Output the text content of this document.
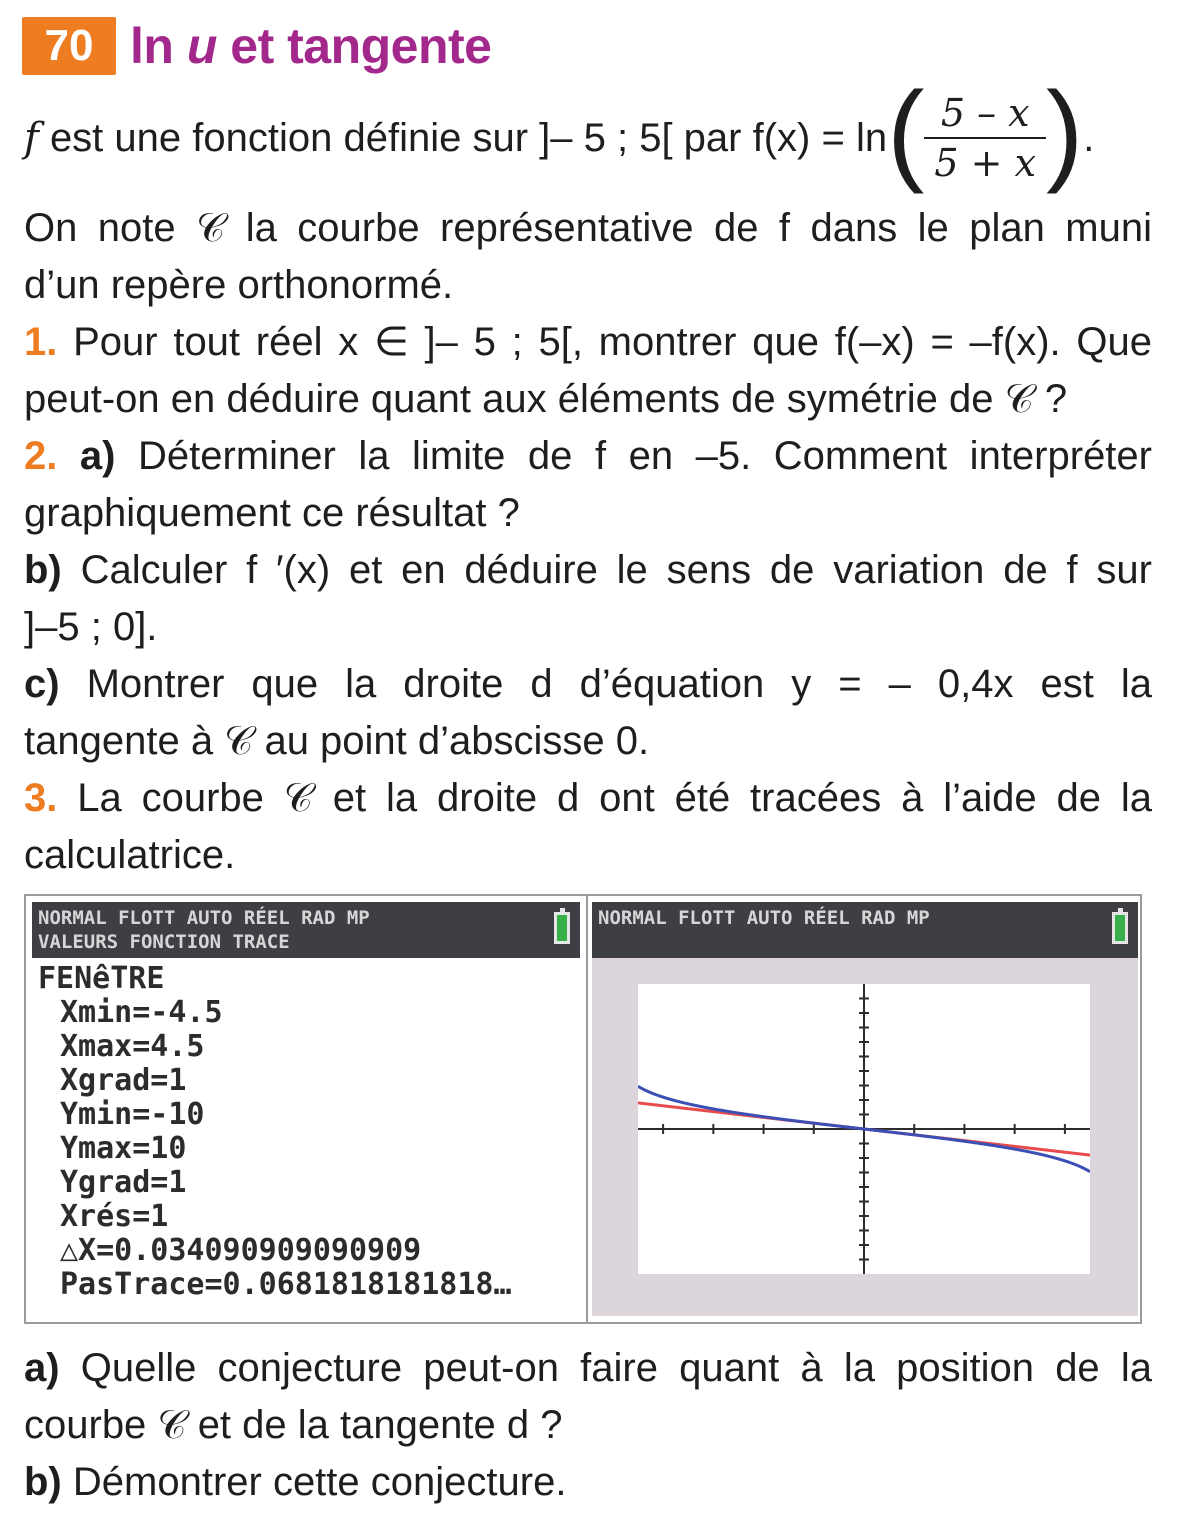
70 ln u et tangente
f
est une fonction définie sur ]– 5 ; 5[ par
f(x) = ln ( $\frac{5 - x}{5 + x}$ ) .
On note 𝒞 la courbe représentative de f dans le plan muni
d’un repère orthonormé.
1. Pour tout réel x ∈ ]– 5 ; 5[, montrer que f(–x) = –f(x). Que
peut-on en déduire quant aux éléments de symétrie de 𝒞 ?
2. a) Déterminer la limite de f en –5. Comment interpréter
graphiquement ce résultat ?
b) Calculer f ′(x) et en déduire le sens de variation de f sur
]–5 ; 0].
c) Montrer que la droite d d’équation y = – 0,4x est la
tangente à 𝒞 au point d’abscisse 0.
3. La courbe 𝒞 et la droite d ont été tracées à l’aide de la
calculatrice.
NORMAL FLOTT AUTO RÉEL RAD MP
VALEURS FONCTION TRACE
FENêTRE
Xmin=-4.5
Xmax=4.5
Xgrad=1
Ymin=-10
Ymax=10
Ygrad=1
Xrés=1
△X=0.034090909090909
PasTrace=0.0681818181818…
NORMAL FLOTT AUTO RÉEL RAD MP
a) Quelle conjecture peut-on faire quant à la position de la
courbe 𝒞 et de la tangente d ?
b) Démontrer cette conjecture.
